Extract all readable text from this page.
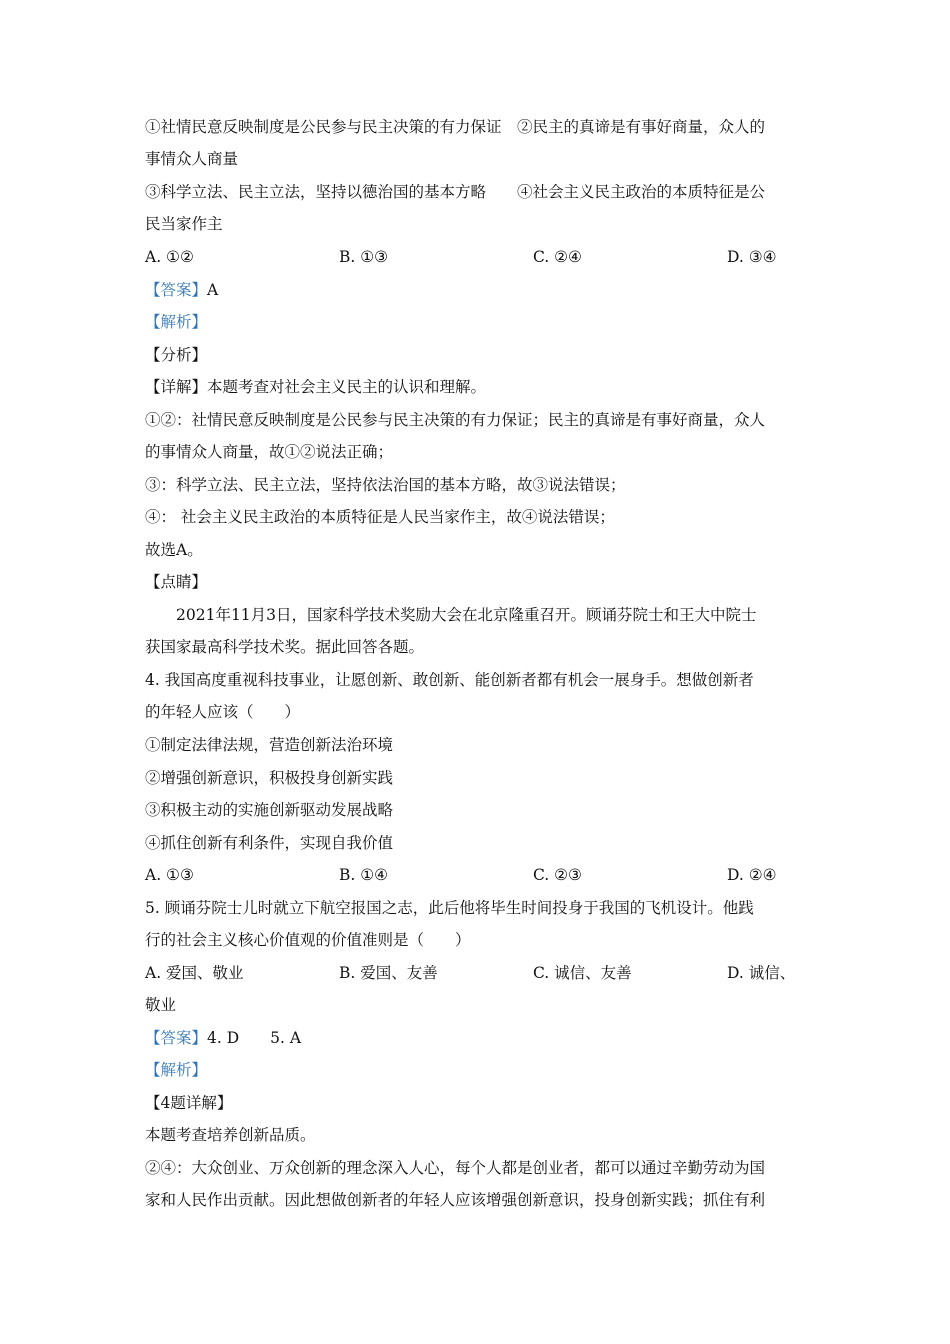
①社情民意反映制度是公民参与民主决策的有力保证　②民主的真谛是有事好商量，众人的
事情众人商量
③科学立法、民主立法，坚持以德治国的基本方略　　④社会主义民主政治的本质特征是公
民当家作主
A. ①②	B. ①③	C. ②④	D. ③④
【答案】A
【解析】
【分析】
【详解】本题考查对社会主义民主的认识和理解。
①②：社情民意反映制度是公民参与民主决策的有力保证；民主的真谛是有事好商量，众人
的事情众人商量，故①②说法正确；
③：科学立法、民主立法，坚持依法治国的基本方略，故③说法错误；
④： 社会主义民主政治的本质特征是人民当家作主，故④说法错误；
故选A。
【点睛】
2021年11月3日，国家科学技术奖励大会在北京隆重召开。顾诵芬院士和王大中院士
获国家最高科学技术奖。据此回答各题。
4. 我国高度重视科技事业，让愿创新、敢创新、能创新者都有机会一展身手。想做创新者
的年轻人应该（　　）
①制定法律法规，营造创新法治环境
②增强创新意识，积极投身创新实践
③积极主动的实施创新驱动发展战略
④抓住创新有利条件，实现自我价值
A. ①③	B. ①④	C. ②③	D. ②④
5. 顾诵芬院士儿时就立下航空报国之志，此后他将毕生时间投身于我国的飞机设计。他践
行的社会主义核心价值观的价值准则是（　　）
A. 爱国、敬业	B. 爱国、友善	C. 诚信、友善	D. 诚信、
敬业
【答案】4. D　　5. A
【解析】
【4题详解】
本题考查培养创新品质。
②④：大众创业、万众创新的理念深入人心，每个人都是创业者，都可以通过辛勤劳动为国
家和人民作出贡献。因此想做创新者的年轻人应该增强创新意识，投身创新实践；抓住有利
